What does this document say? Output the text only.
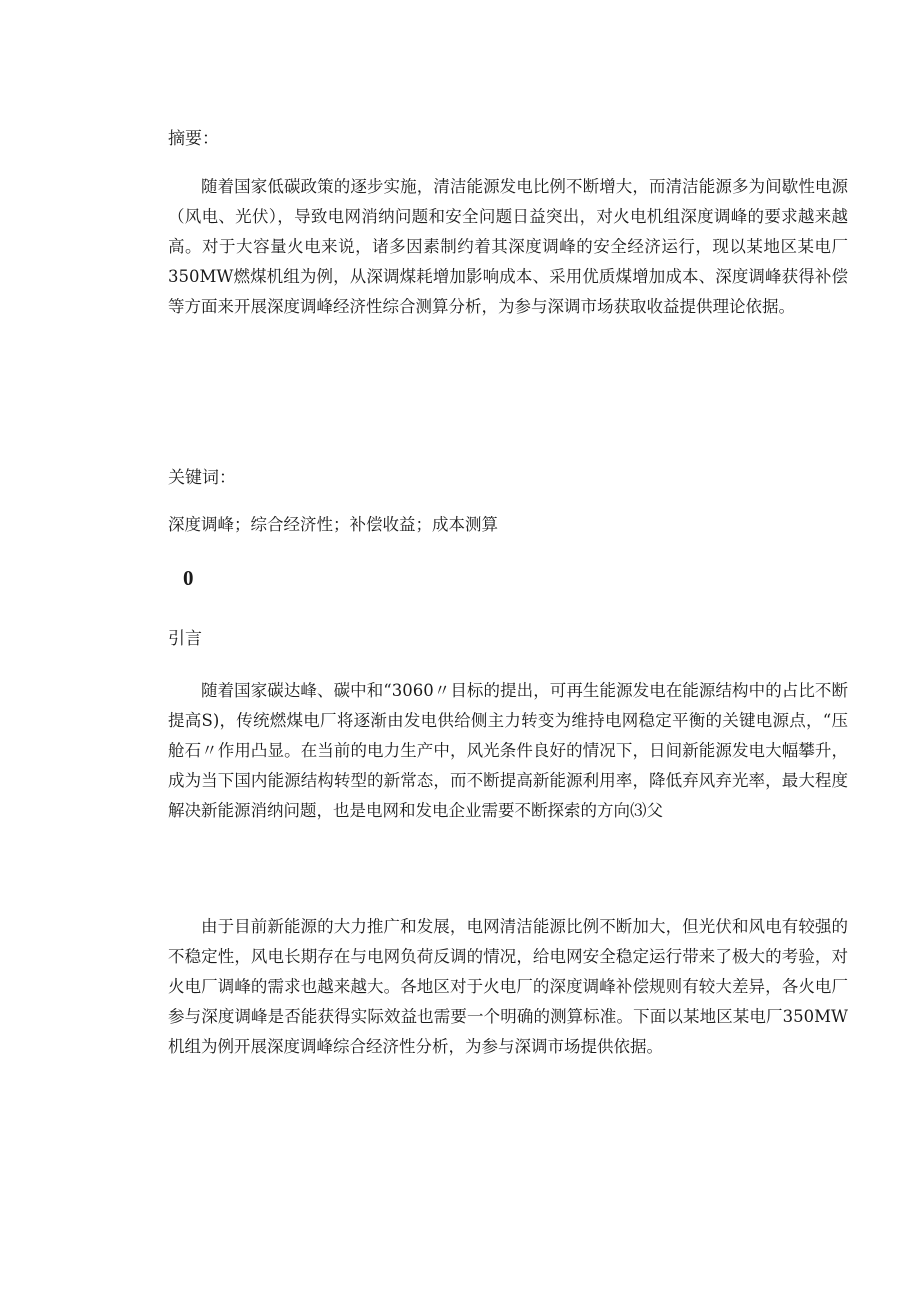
摘要：

随着国家低碳政策的逐步实施，清洁能源发电比例不断增大，而清洁能源多为间歇性电源（风电、光伏），导致电网消纳问题和安全问题日益突出，对火电机组深度调峰的要求越来越高。对于大容量火电来说，诸多因素制约着其深度调峰的安全经济运行，现以某地区某电厂350MW燃煤机组为例，从深调煤耗增加影响成本、采用优质煤增加成本、深度调峰获得补偿等方面来开展深度调峰经济性综合测算分析，为参与深调市场获取收益提供理论依据。

关键词：

深度调峰；综合经济性；补偿收益；成本测算

0

引言

随着国家碳达峰、碳中和“3060〃目标的提出，可再生能源发电在能源结构中的占比不断提高S)，传统燃煤电厂将逐渐由发电供给侧主力转变为维持电网稳定平衡的关键电源点，“压舱石〃作用凸显。在当前的电力生产中，风光条件良好的情况下，日间新能源发电大幅攀升，成为当下国内能源结构转型的新常态，而不断提高新能源利用率，降低弃风弃光率，最大程度解决新能源消纳问题，也是电网和发电企业需要不断探索的方向⑶父

由于目前新能源的大力推广和发展，电网清洁能源比例不断加大，但光伏和风电有较强的不稳定性，风电长期存在与电网负荷反调的情况，给电网安全稳定运行带来了极大的考验，对火电厂调峰的需求也越来越大。各地区对于火电厂的深度调峰补偿规则有较大差异，各火电厂参与深度调峰是否能获得实际效益也需要一个明确的测算标准。下面以某地区某电厂350MW机组为例开展深度调峰综合经济性分析，为参与深调市场提供依据。
